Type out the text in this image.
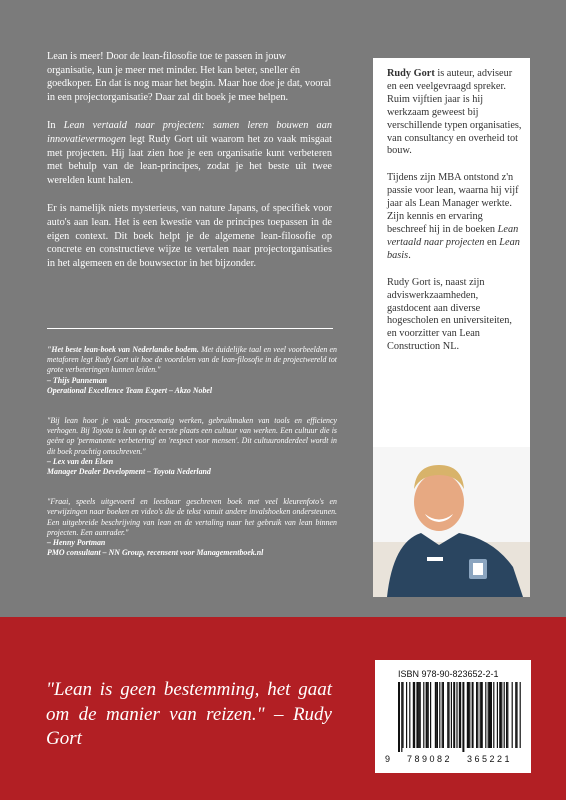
Lean is meer! Door de lean-filosofie toe te passen in jouw organisatie, kun je meer met minder. Het kan beter, sneller én goedkoper. En dat is nog maar het begin. Maar hoe doe je dat, vooral in een projectorganisatie? Daar zal dit boek je mee helpen.

In Lean vertaald naar projecten: samen leren bouwen aan innovatievermogen legt Rudy Gort uit waarom het zo vaak misgaat met projecten. Hij laat zien hoe je een organisatie kunt verbeteren met behulp van de lean-principes, zodat je het beste uit twee werelden kunt halen.

Er is namelijk niets mysterieus, van nature Japans, of specifiek voor auto's aan lean. Het is een kwestie van de principes toepassen in de eigen context. Dit boek helpt je de algemene lean-filosofie op concrete en constructieve wijze te vertalen naar projectorganisaties in het algemeen en de bouwsector in het bijzonder.

"Het beste lean-boek van Nederlandse bodem. Met duidelijke taal en veel voorbeelden en metaforen legt Rudy Gort uit hoe de voordelen van de lean-filosofie in de projectwereld tot grote verbeteringen kunnen leiden."
– Thijs Panneman
Operational Excellence Team Expert – Akzo Nobel
"Bij lean hoor je vaak: procesmatig werken, gebruikmaken van tools en efficiency verhogen. Bij Toyota is lean op de eerste plaats een cultuur van werken. Een cultuur die is geënt op 'permanente verbetering' en 'respect voor mensen'. Dit cultuuronderdeel wordt in dit boek prachtig omschreven."
– Lex van den Elsen
Manager Dealer Development – Toyota Nederland
"Fraai, speels uitgevoerd en leesbaar geschreven boek met veel kleurenfoto's en verwijzingen naar boeken en video's die de tekst vanuit andere invalshoeken ondersteunen. Een uitgebreide beschrijving van lean en de vertaling naar het gebruik van lean binnen projecten. Een aanrader."
– Henny Portman
PMO consultant – NN Group, recensent voor Managementboek.nl

Rudy Gort is auteur, adviseur en een veelgevraagd spreker. Ruim vijftien jaar is hij werkzaam geweest bij verschillende typen organisaties, van consultancy en overheid tot bouw.

Tijdens zijn MBA ontstond z'n passie voor lean, waarna hij vijf jaar als Lean Manager werkte. Zijn kennis en ervaring beschreef hij in de boeken Lean vertaald naar projecten en Lean basis.

Rudy Gort is, naast zijn adviswerkzaamheden, gastdocent aan diverse hogescholen en universiteiten, en voorzitter van Lean Construction NL.

"Lean is geen bestemming, het gaat om de manier van reizen." – Rudy Gort
ISBN 978-90-823652-2-1
9 789082 365221
